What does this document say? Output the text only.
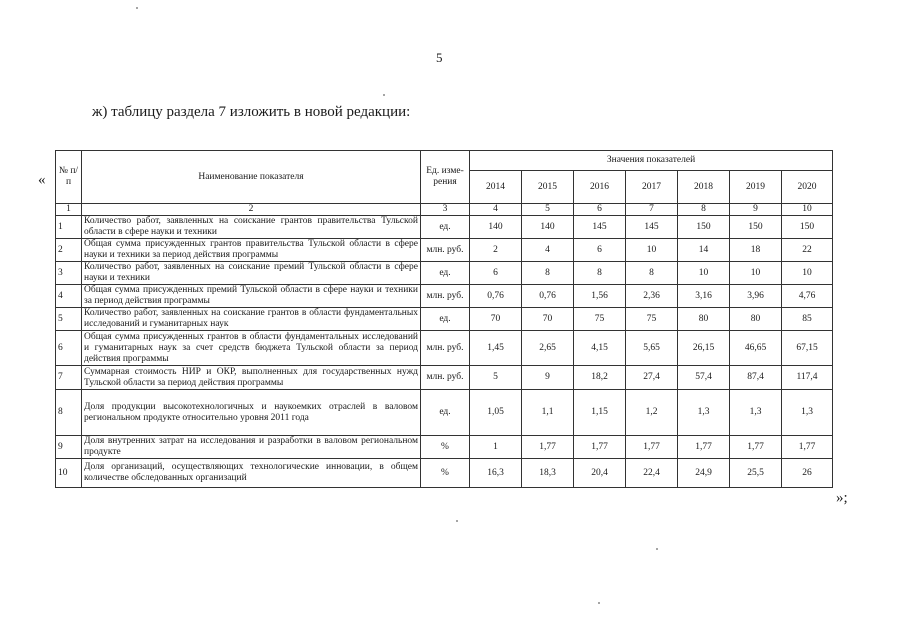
5
ж) таблицу раздела 7 изложить в новой редакции:
«
№ п/п	Наименование показателя	Ед. изме-рения	Значения показателей						
			2014	2015	2016	2017	2018	2019	2020
1	2	3	4	5	6	7	8	9	10
1	Количество работ, заявленных на соискание грантов правительства Тульской области в сфере науки и техники	ед.	140	140	145	145	150	150	150
2	Общая сумма присужденных грантов правительства Тульской области в сфере науки и техники за период действия программы	млн. руб.	2	4	6	10	14	18	22
3	Количество работ, заявленных на соискание премий Тульской области в сфере науки и техники	ед.	6	8	8	8	10	10	10
4	Общая сумма присужденных премий Тульской области в сфере науки и техники за период действия программы	млн. руб.	0,76	0,76	1,56	2,36	3,16	3,96	4,76
5	Количество работ, заявленных на соискание грантов в области фундаментальных исследований и гуманитарных наук	ед.	70	70	75	75	80	80	85
6	Общая сумма присужденных грантов в области фундаментальных исследований и гуманитарных наук за счет средств бюджета Тульской области за период действия программы	млн. руб.	1,45	2,65	4,15	5,65	26,15	46,65	67,15
7	Суммарная стоимость НИР и ОКР, выполненных для государственных нужд Тульской области за период действия программы	млн. руб.	5	9	18,2	27,4	57,4	87,4	117,4
8	Доля продукции высокотехнологичных и наукоемких отраслей в валовом региональном продукте относительно уровня 2011 года	ед.	1,05	1,1	1,15	1,2	1,3	1,3	1,3
9	Доля внутренних затрат на исследования и разработки в валовом региональном продукте	%	1	1,77	1,77	1,77	1,77	1,77	1,77
10	Доля организаций, осуществляющих технологические инновации, в общем количестве обследованных организаций	%	16,3	18,3	20,4	22,4	24,9	25,5	26
»;
